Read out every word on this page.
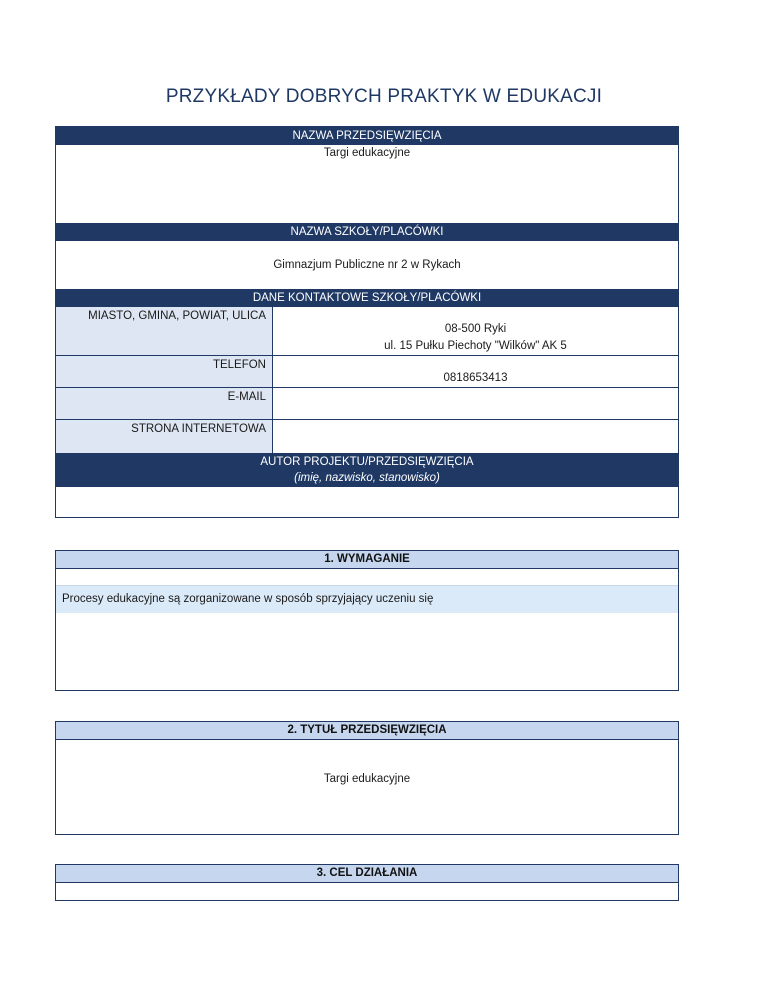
PRZYKŁADY DOBRYCH PRAKTYK W EDUKACJI
NAZWA PRZEDSIĘWZIĘCIA
Targi edukacyjne
NAZWA SZKOŁY/PLACÓWKI
Gimnazjum Publiczne nr 2 w Rykach
DANE KONTAKTOWE SZKOŁY/PLACÓWKI
MIASTO, GMINA, POWIAT, ULICA
08-500 Ryki
ul. 15 Pułku Piechoty "Wilków" AK 5
TELEFON
0818653413
E-MAIL
STRONA INTERNETOWA
AUTOR PROJEKTU/PRZEDSIĘWZIĘCIA
(imię, nazwisko, stanowisko)
1. WYMAGANIE
Procesy edukacyjne są zorganizowane w sposób sprzyjający uczeniu się
2. TYTUŁ PRZEDSIĘWZIĘCIA
Targi edukacyjne
3. CEL DZIAŁANIA
